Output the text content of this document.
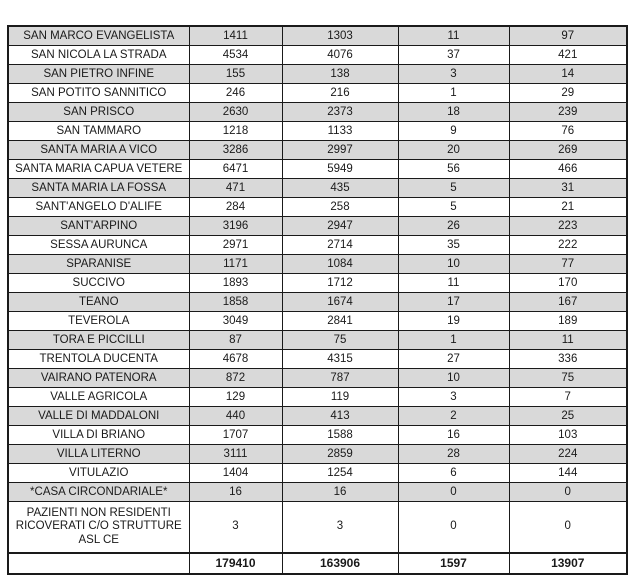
SAN MARCO EVANGELISTA	1411	1303	11	97
SAN NICOLA LA STRADA	4534	4076	37	421
SAN PIETRO INFINE	155	138	3	14
SAN POTITO SANNITICO	246	216	1	29
SAN PRISCO	2630	2373	18	239
SAN TAMMARO	1218	1133	9	76
SANTA MARIA A VICO	3286	2997	20	269
SANTA MARIA CAPUA VETERE	6471	5949	56	466
SANTA MARIA LA FOSSA	471	435	5	31
SANT'ANGELO D'ALIFE	284	258	5	21
SANT'ARPINO	3196	2947	26	223
SESSA AURUNCA	2971	2714	35	222
SPARANISE	1171	1084	10	77
SUCCIVO	1893	1712	11	170
TEANO	1858	1674	17	167
TEVEROLA	3049	2841	19	189
TORA E PICCILLI	87	75	1	11
TRENTOLA DUCENTA	4678	4315	27	336
VAIRANO PATENORA	872	787	10	75
VALLE AGRICOLA	129	119	3	7
VALLE DI MADDALONI	440	413	2	25
VILLA DI BRIANO	1707	1588	16	103
VILLA LITERNO	3111	2859	28	224
VITULAZIO	1404	1254	6	144
*CASA CIRCONDARIALE*	16	16	0	0
PAZIENTI NON RESIDENTI RICOVERATI C/O STRUTTURE ASL CE	3	3	0	0
	179410	163906	1597	13907
